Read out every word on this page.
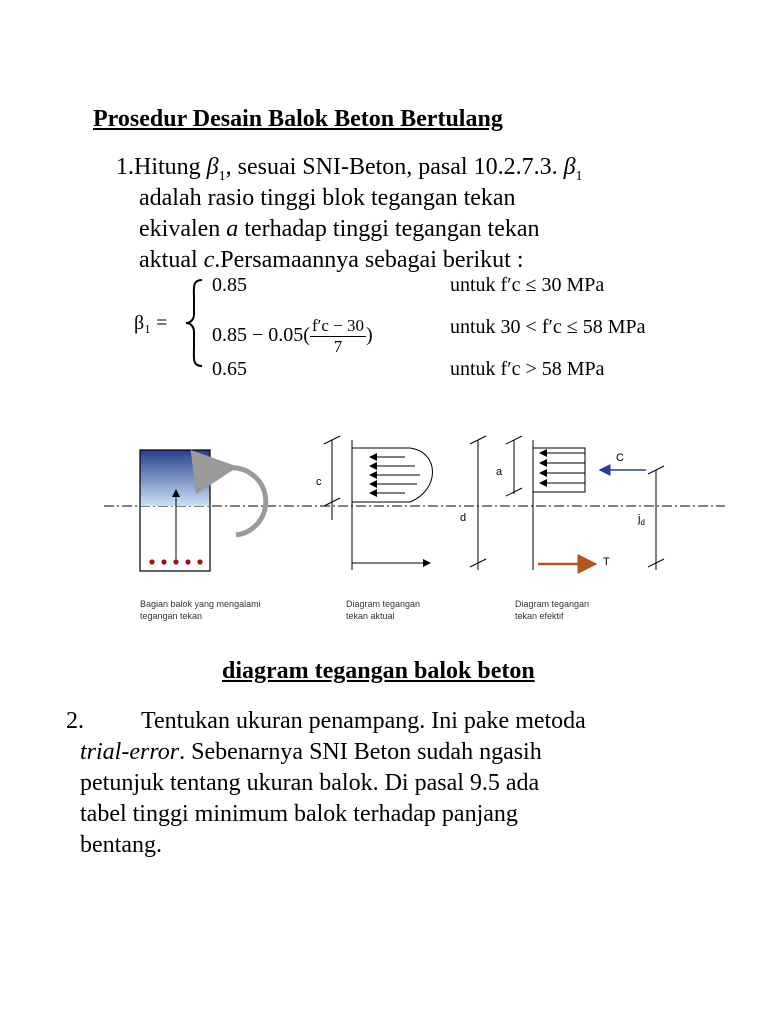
Prosedur Desain Balok Beton Bertulang
1.Hitung $\beta_1$, sesuai SNI-Beton, pasal 10.2.7.3. $\beta_1$
adalah rasio tinggi blok tegangan tekan
ekivalen a terhadap tinggi tegangan tekan
aktual c.Persamaannya sebagai berikut :
β₁ =
0.85	untuk f′c ≤ 30 MPa
$0.85 - 0.05( \frac{f'c - 30}{7}$ )	untuk 30 < f′c ≤ 58 MPa
0.65	untuk f′c > 58 MPa
c
a
d
C
T
$j_d$
Bagian balok yang mengalami
tegangan tekan
Diagram tegangan
tekan aktual
Diagram tegangan
tekan efektif
diagram tegangan balok beton
2. Tentukan ukuran penampang. Ini pake metoda
trial-error. Sebenarnya SNI Beton sudah ngasih
petunjuk tentang ukuran balok. Di pasal 9.5 ada
tabel tinggi minimum balok terhadap panjang
bentang.
